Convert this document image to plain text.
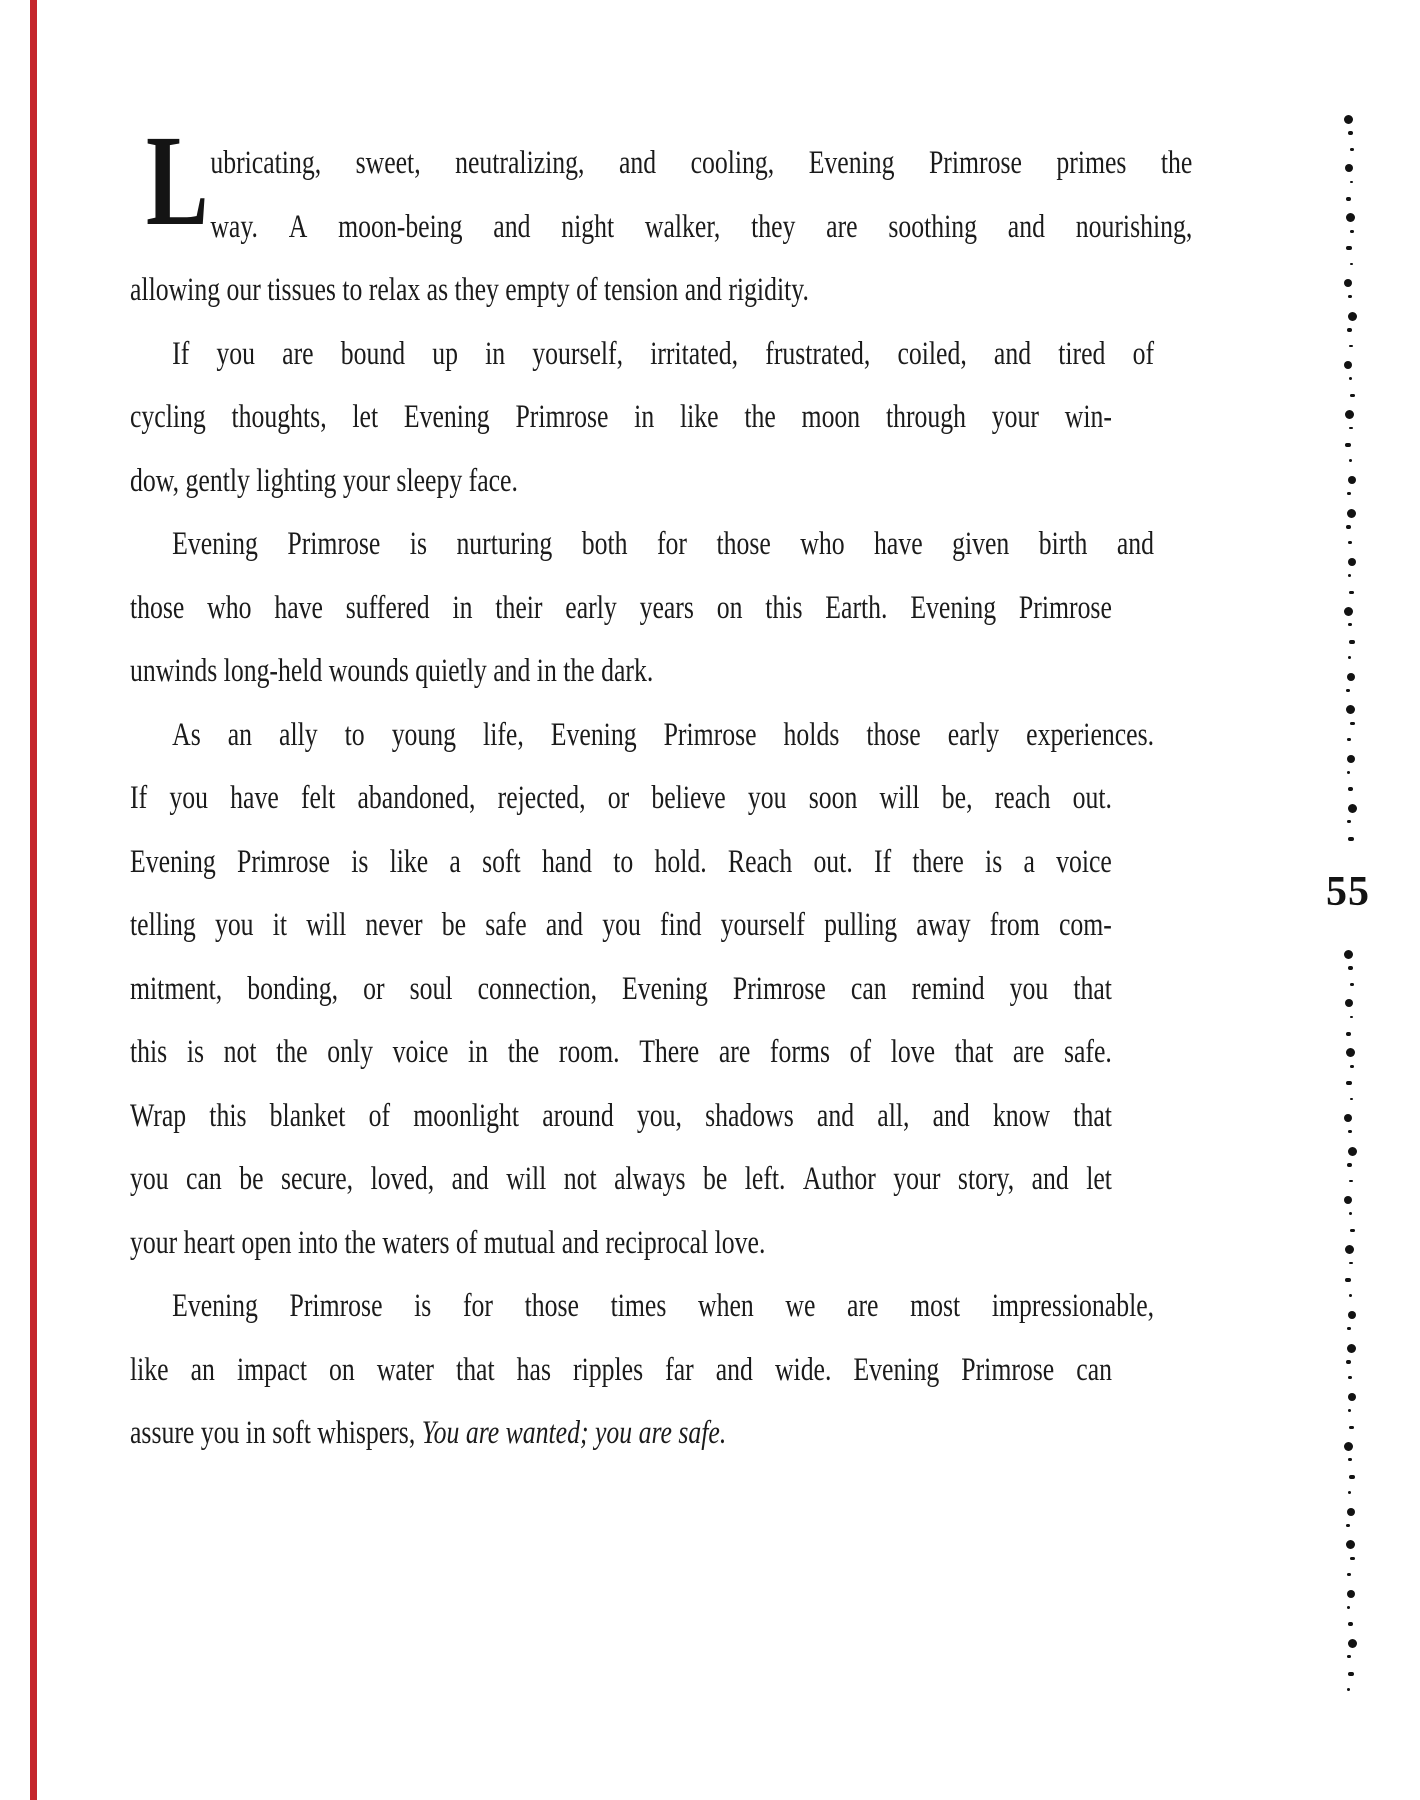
L ubricating, sweet, neutralizing, and cooling, Evening Primrose primes the
way. A moon-being and night walker, they are soothing and nourishing,
allowing our tissues to relax as they empty of tension and rigidity.
If you are bound up in yourself, irritated, frustrated, coiled, and tired of
cycling thoughts, let Evening Primrose in like the moon through your win-
dow, gently lighting your sleepy face.
Evening Primrose is nurturing both for those who have given birth and
those who have suffered in their early years on this Earth. Evening Primrose
unwinds long-held wounds quietly and in the dark.
As an ally to young life, Evening Primrose holds those early experiences.
If you have felt abandoned, rejected, or believe you soon will be, reach out.
Evening Primrose is like a soft hand to hold. Reach out. If there is a voice
telling you it will never be safe and you find yourself pulling away from com-
mitment, bonding, or soul connection, Evening Primrose can remind you that
this is not the only voice in the room. There are forms of love that are safe.
Wrap this blanket of moonlight around you, shadows and all, and know that
you can be secure, loved, and will not always be left. Author your story, and let
your heart open into the waters of mutual and reciprocal love.
Evening Primrose is for those times when we are most impressionable,
like an impact on water that has ripples far and wide. Evening Primrose can
assure you in soft whispers, You are wanted; you are safe.
55
